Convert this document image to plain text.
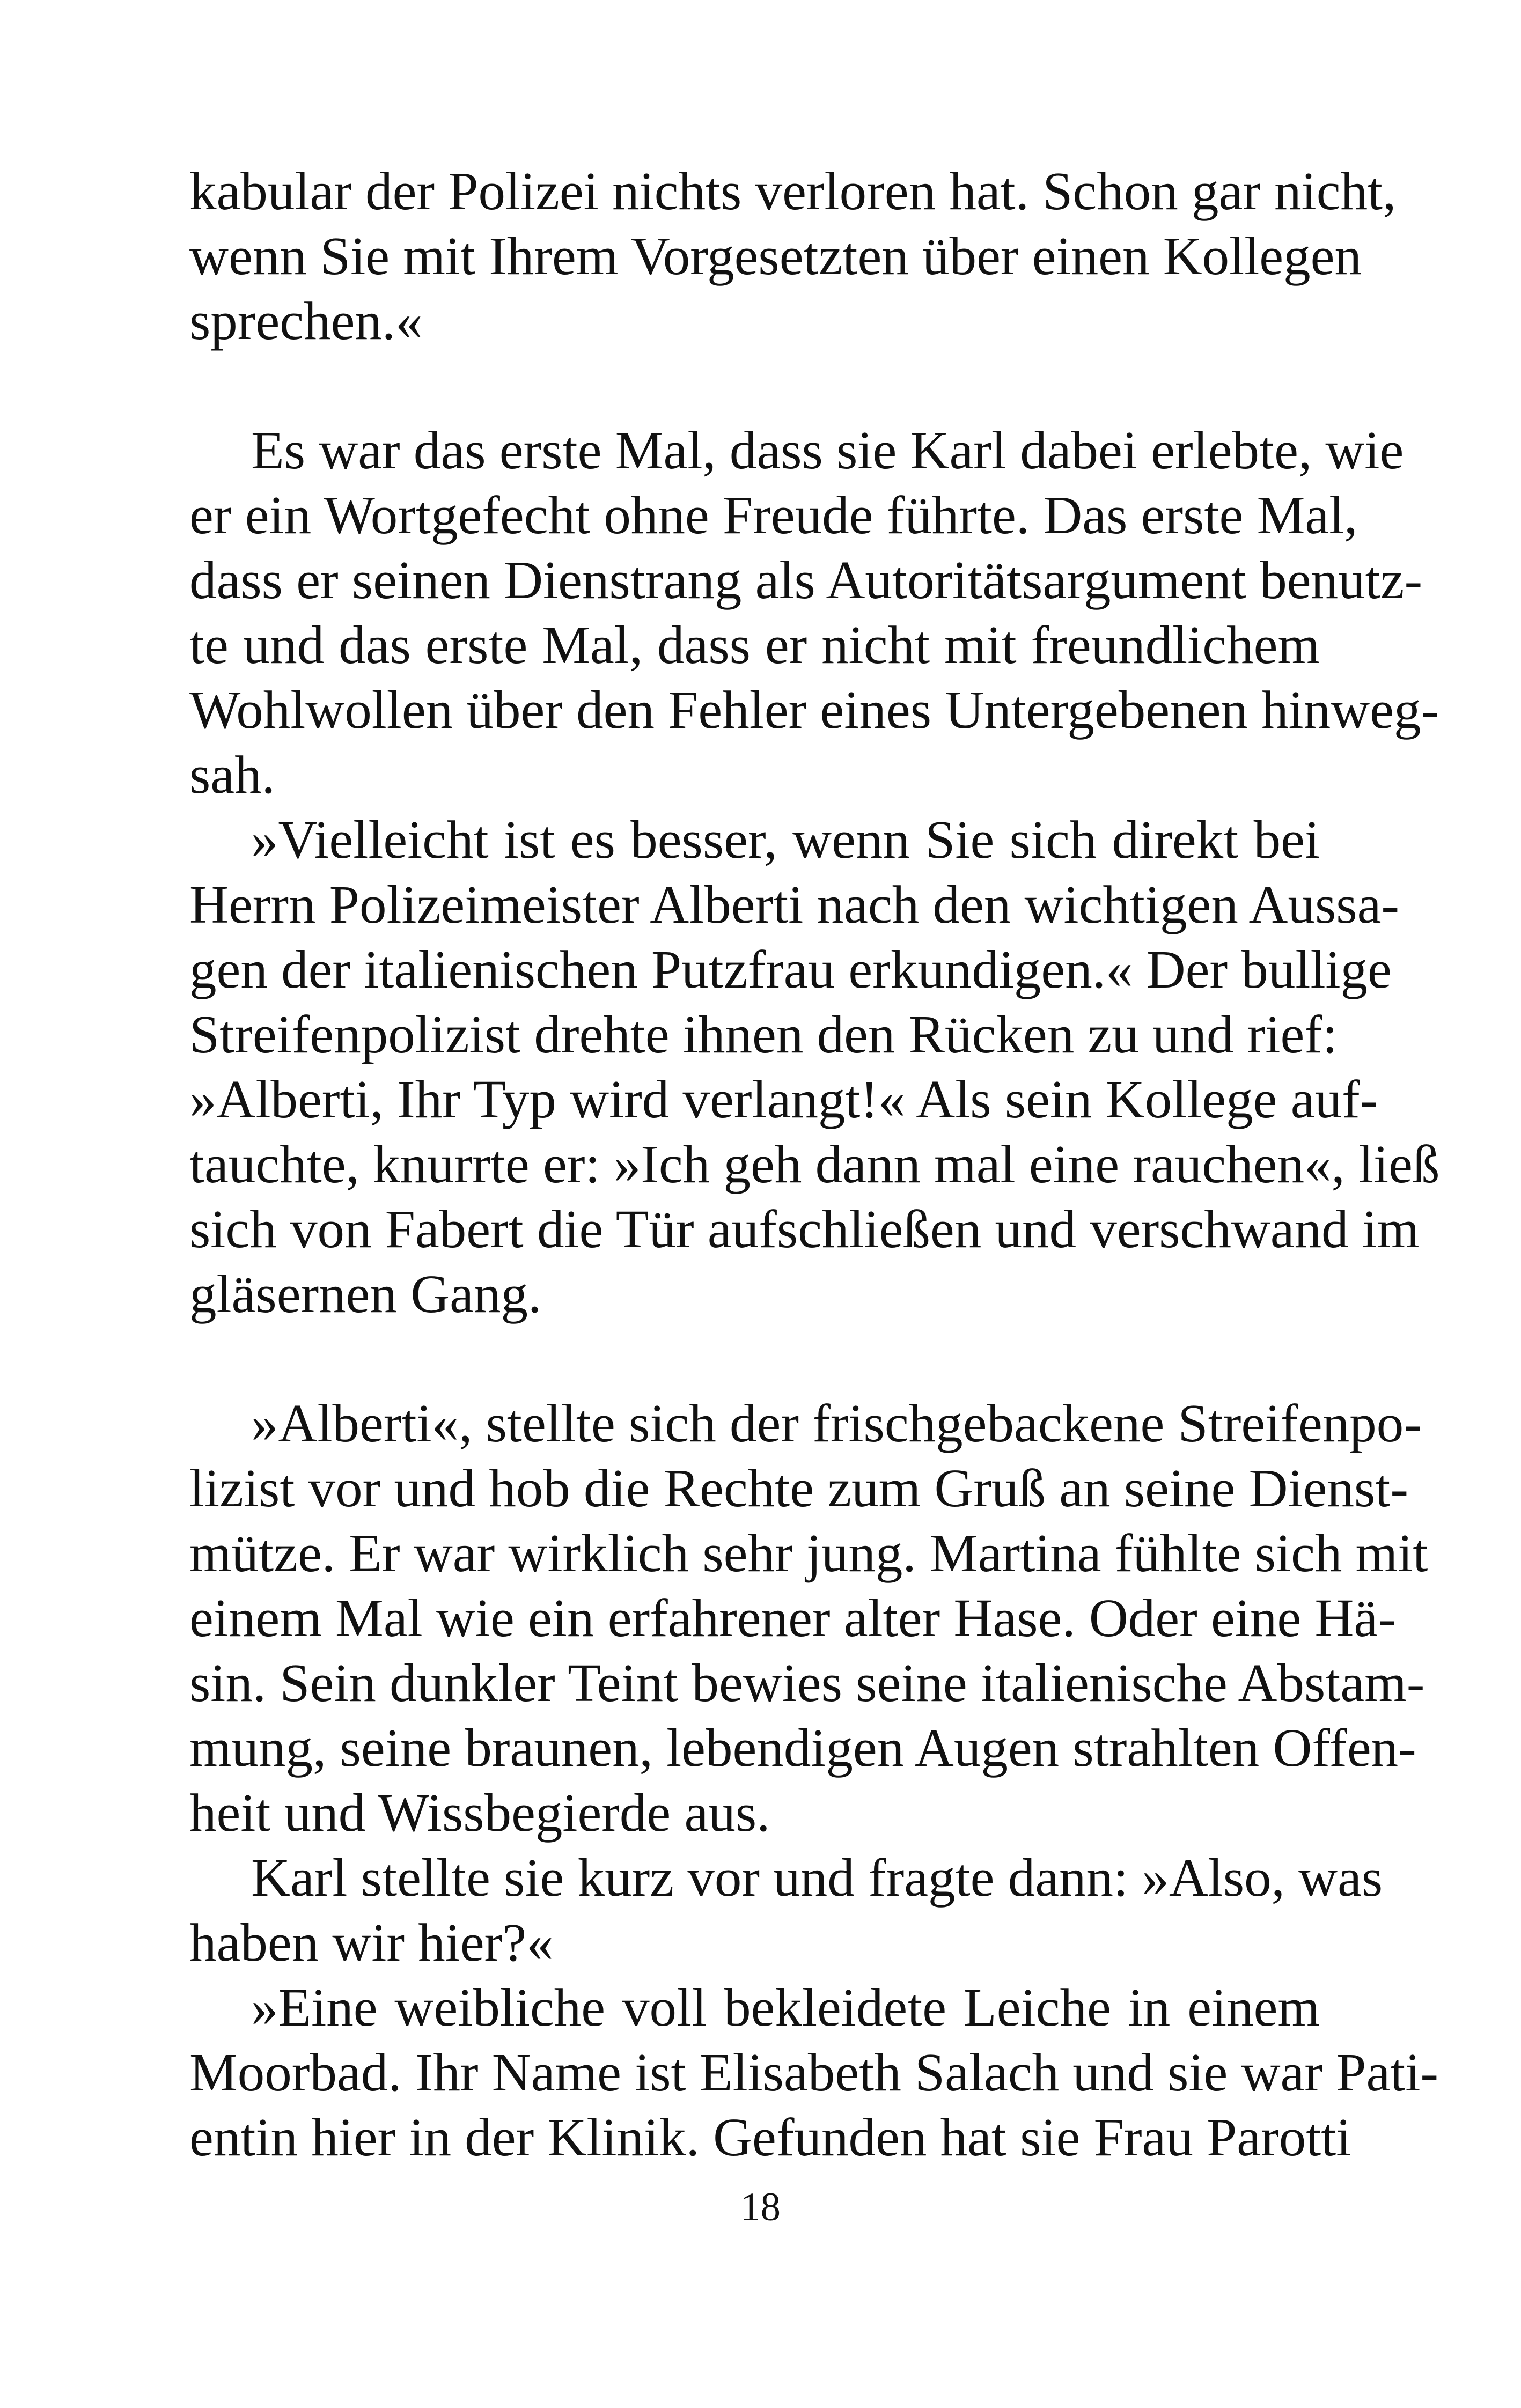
kabular der Polizei nichts verloren hat. Schon gar nicht,
wenn Sie mit Ihrem Vorgesetzten über einen Kollegen
sprechen.«
Es war das erste Mal, dass sie Karl dabei erlebte, wie
er ein Wortgefecht ohne Freude führte. Das erste Mal,
dass er seinen Dienstrang als Autoritätsargument benutz-
te und das erste Mal, dass er nicht mit freundlichem
Wohlwollen über den Fehler eines Untergebenen hinweg-
sah.
»Vielleicht ist es besser, wenn Sie sich direkt bei
Herrn Polizeimeister Alberti nach den wichtigen Aussa-
gen der italienischen Putzfrau erkundigen.« Der bullige
Streifenpolizist drehte ihnen den Rücken zu und rief:
»Alberti, Ihr Typ wird verlangt!« Als sein Kollege auf-
tauchte, knurrte er: »Ich geh dann mal eine rauchen«, ließ
sich von Fabert die Tür aufschließen und verschwand im
gläsernen Gang.
»Alberti«, stellte sich der frischgebackene Streifenpo-
lizist vor und hob die Rechte zum Gruß an seine Dienst-
mütze. Er war wirklich sehr jung. Martina fühlte sich mit
einem Mal wie ein erfahrener alter Hase. Oder eine Hä-
sin. Sein dunkler Teint bewies seine italienische Abstam-
mung, seine braunen, lebendigen Augen strahlten Offen-
heit und Wissbegierde aus.
Karl stellte sie kurz vor und fragte dann: »Also, was
haben wir hier?«
»Eine weibliche voll bekleidete Leiche in einem
Moorbad. Ihr Name ist Elisabeth Salach und sie war Pati-
entin hier in der Klinik. Gefunden hat sie Frau Parotti
18
